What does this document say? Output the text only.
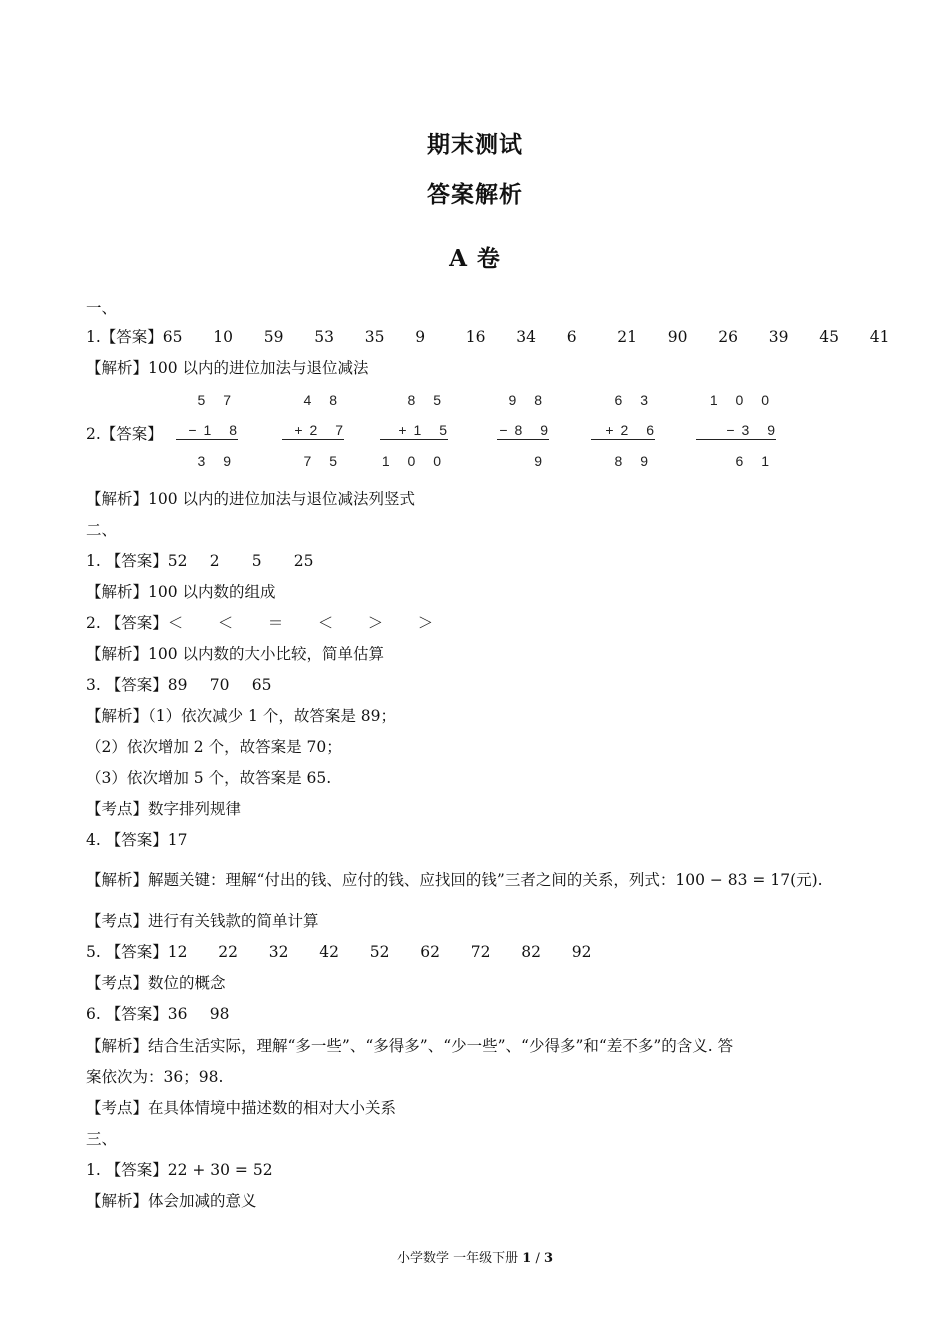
期末测试
答案解析
A 卷
一、
1.【答案】65 10 59 53 35 9	16 34 6	21 90 26 39 45 41
【解析】100 以内的进位加法与退位减法
2.【答案】
5 7
−1 8
3 9
4 8
+2 7
7 5
8 5
+1 5
1 0 0
9 8
−8 9
9
6 3
+2 6
8 9
1 0 0
−3 9
6 1
【解析】100 以内的进位加法与退位减法列竖式
二、
1. 【答案】52 2 5 25
【解析】100 以内数的组成
2. 【答案】＜ ＜ ＝ ＜ ＞ ＞
【解析】100 以内数的大小比较，简单估算
3. 【答案】89 70 65
【解析】（1）依次减少 1 个，故答案是 89；
（2）依次增加 2 个，故答案是 70；
（3）依次增加 5 个，故答案是 65.
【考点】数字排列规律
4. 【答案】17
【解析】解题关键：理解“付出的钱、应付的钱、应找回的钱”三者之间的关系，列式：100 − 83 = 17(元).
【考点】进行有关钱款的简单计算
5. 【答案】12 22 32 42 52 62 72 82 92
【考点】数位的概念
6. 【答案】36 98
【解析】结合生活实际，理解“多一些”、“多得多”、“少一些”、“少得多”和“差不多”的含义. 答
案依次为：36；98.
【考点】在具体情境中描述数的相对大小关系
三、
1. 【答案】22 + 30 = 52
【解析】体会加减的意义
小学数学 一年级下册 1 / 3
